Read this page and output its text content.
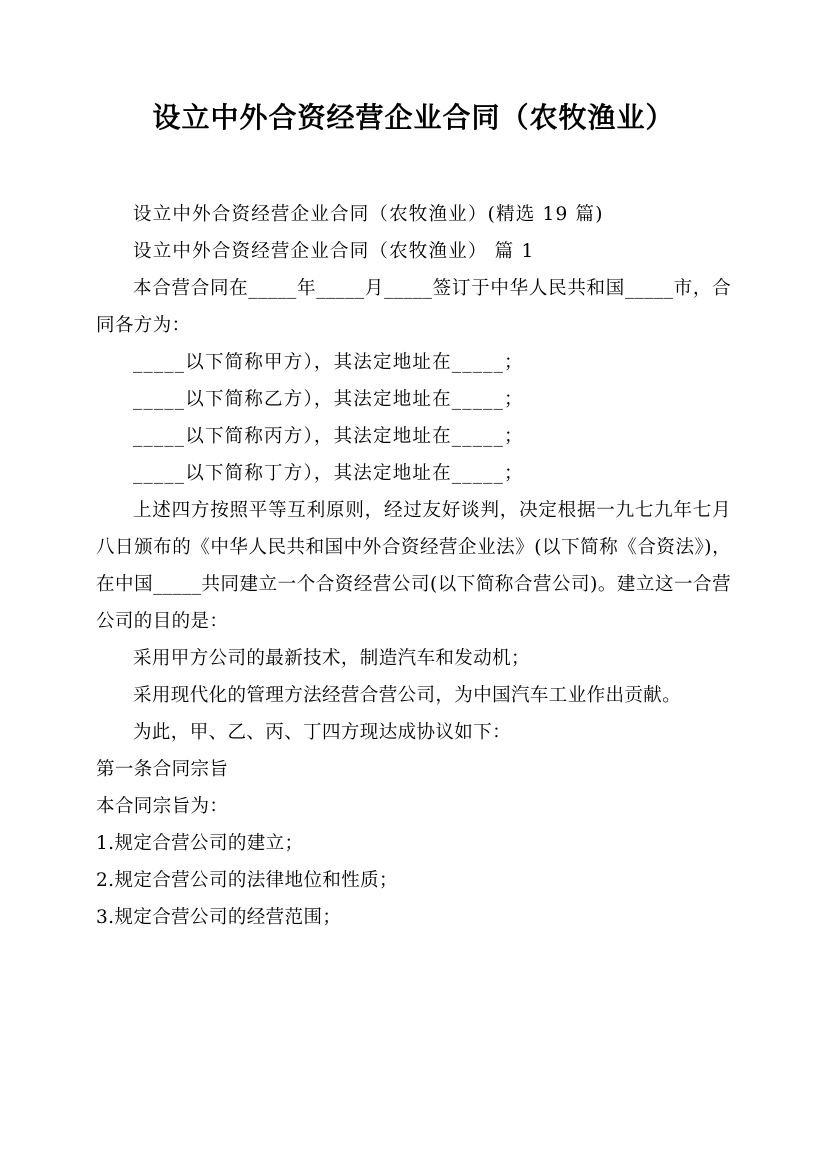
设立中外合资经营企业合同（农牧渔业）

设立中外合资经营企业合同（农牧渔业）(精选 19 篇)

设立中外合资经营企业合同（农牧渔业） 篇 1

本合营合同在_____年_____月_____签订于中华人民共和国_____市，合同各方为：

_____以下简称甲方），其法定地址在_____；

_____以下简称乙方），其法定地址在_____；

_____以下简称丙方），其法定地址在_____；

_____以下简称丁方），其法定地址在_____；

上述四方按照平等互利原则，经过友好谈判，决定根据一九七九年七月八日颁布的《中华人民共和国中外合资经营企业法》(以下简称《合资法》)，在中国_____共同建立一个合资经营公司(以下简称合营公司)。建立这一合营公司的目的是：

采用甲方公司的最新技术，制造汽车和发动机；

采用现代化的管理方法经营合营公司，为中国汽车工业作出贡献。

为此，甲、乙、丙、丁四方现达成协议如下：

第一条合同宗旨

本合同宗旨为：

1.规定合营公司的建立；

2.规定合营公司的法律地位和性质；

3.规定合营公司的经营范围；
